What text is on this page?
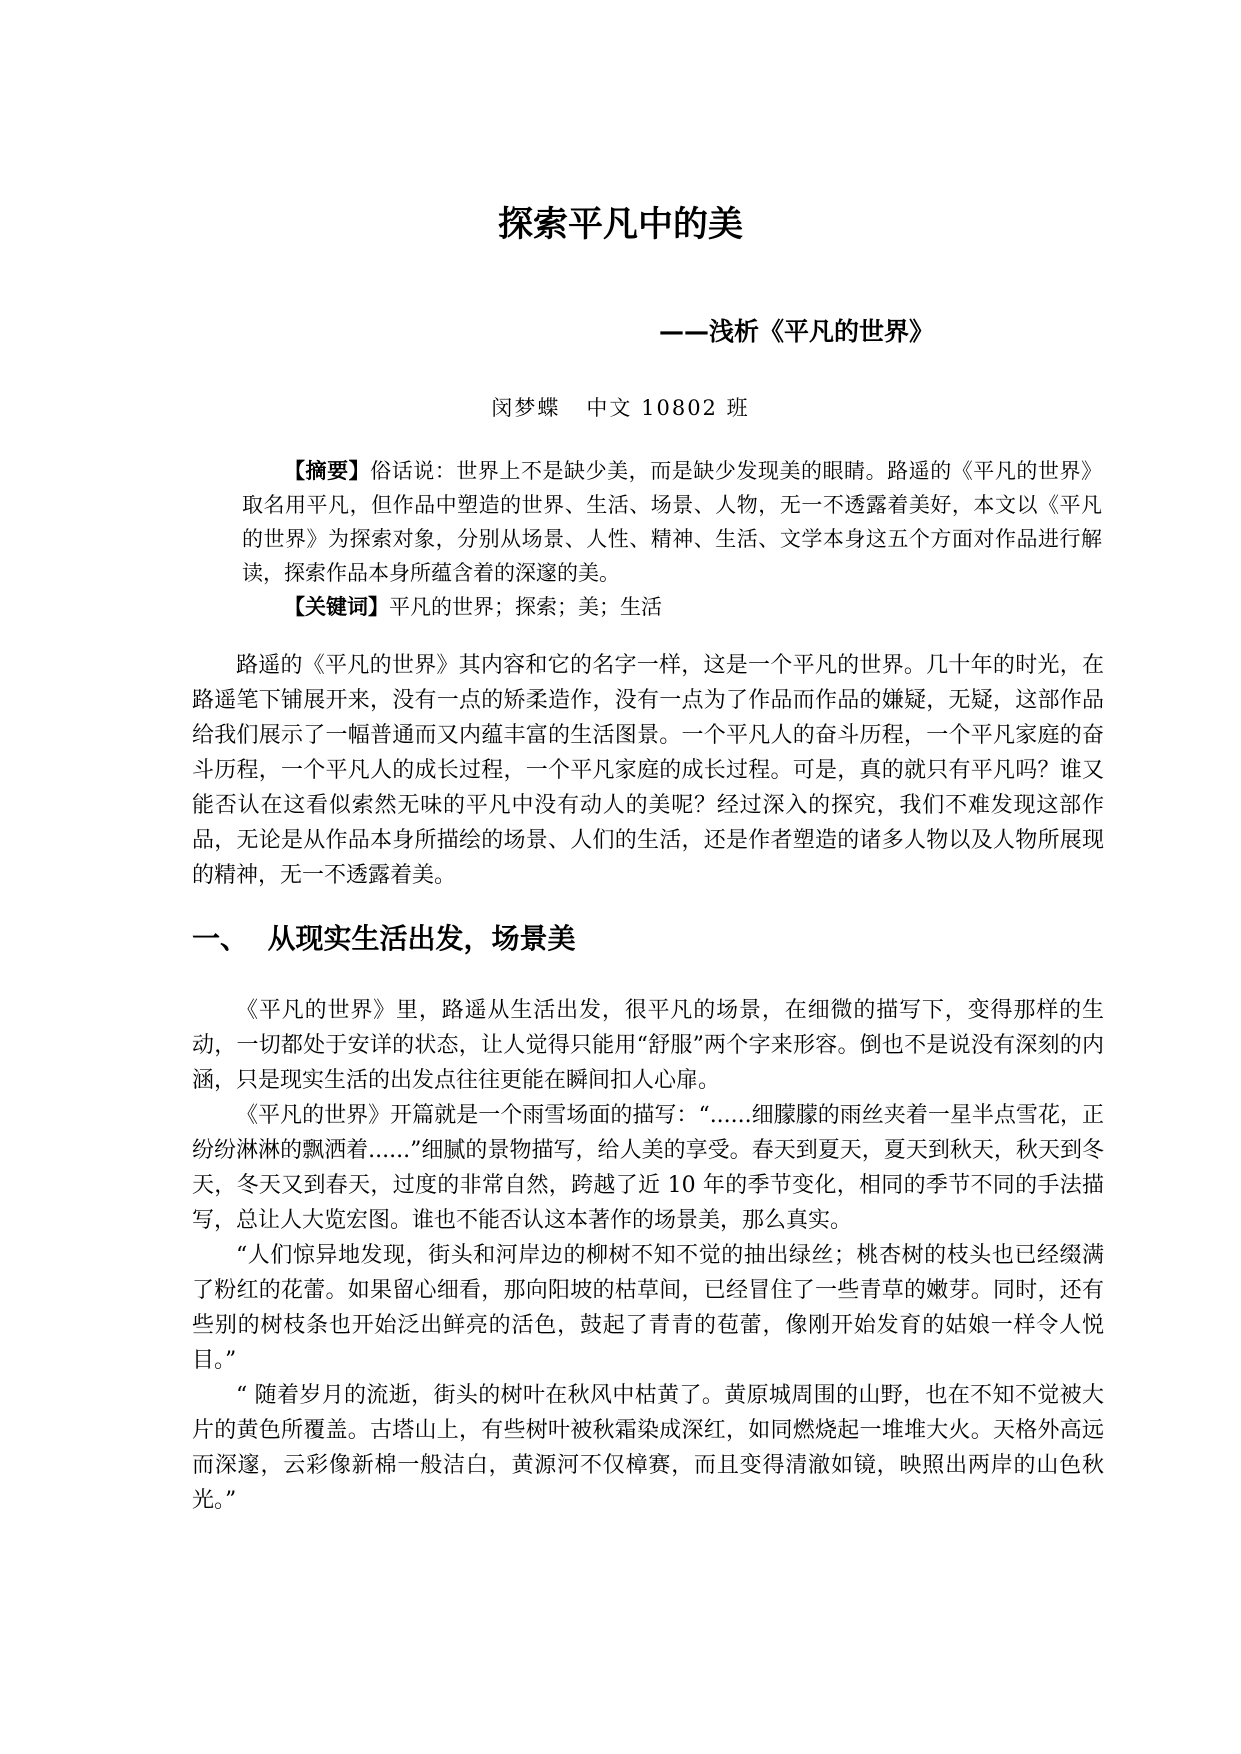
探索平凡中的美
——浅析《平凡的世界》
闵梦蝶   中文 10802 班

【摘要】俗话说：世界上不是缺少美，而是缺少发现美的眼睛。路遥的《平凡的世界》取名用平凡，但作品中塑造的世界、生活、场景、人物，无一不透露着美好，本文以《平凡的世界》为探索对象，分别从场景、人性、精神、生活、文学本身这五个方面对作品进行解读，探索作品本身所蕴含着的深邃的美。

【关键词】平凡的世界；探索；美；生活

路遥的《平凡的世界》其内容和它的名字一样，这是一个平凡的世界。几十年的时光，在路遥笔下铺展开来，没有一点的矫柔造作，没有一点为了作品而作品的嫌疑，无疑，这部作品给我们展示了一幅普通而又内蕴丰富的生活图景。一个平凡人的奋斗历程，一个平凡家庭的奋斗历程，一个平凡人的成长过程，一个平凡家庭的成长过程。可是，真的就只有平凡吗？谁又能否认在这看似索然无味的平凡中没有动人的美呢？经过深入的探究，我们不难发现这部作品，无论是从作品本身所描绘的场景、人们的生活，还是作者塑造的诸多人物以及人物所展现的精神，无一不透露着美。

一、  从现实生活出发，场景美

《平凡的世界》里，路遥从生活出发，很平凡的场景，在细微的描写下，变得那样的生动，一切都处于安详的状态，让人觉得只能用“舒服”两个字来形容。倒也不是说没有深刻的内涵，只是现实生活的出发点往往更能在瞬间扣人心扉。

《平凡的世界》开篇就是一个雨雪场面的描写：“......细朦朦的雨丝夹着一星半点雪花，正纷纷淋淋的飘洒着......”细腻的景物描写，给人美的享受。春天到夏天，夏天到秋天，秋天到冬天，冬天又到春天，过度的非常自然，跨越了近 10 年的季节变化，相同的季节不同的手法描写，总让人大览宏图。谁也不能否认这本著作的场景美，那么真实。

“人们惊异地发现，街头和河岸边的柳树不知不觉的抽出绿丝；桃杏树的枝头也已经缀满了粉红的花蕾。如果留心细看，那向阳坡的枯草间，已经冒住了一些青草的嫩芽。同时，还有些别的树枝条也开始泛出鲜亮的活色，鼓起了青青的苞蕾，像刚开始发育的姑娘一样令人悦目。”

“ 随着岁月的流逝，街头的树叶在秋风中枯黄了。黄原城周围的山野，也在不知不觉被大片的黄色所覆盖。古塔山上，有些树叶被秋霜染成深红，如同燃烧起一堆堆大火。天格外高远而深邃，云彩像新棉一般洁白，黄源河不仅樟赛，而且变得清澈如镜，映照出两岸的山色秋光。”
